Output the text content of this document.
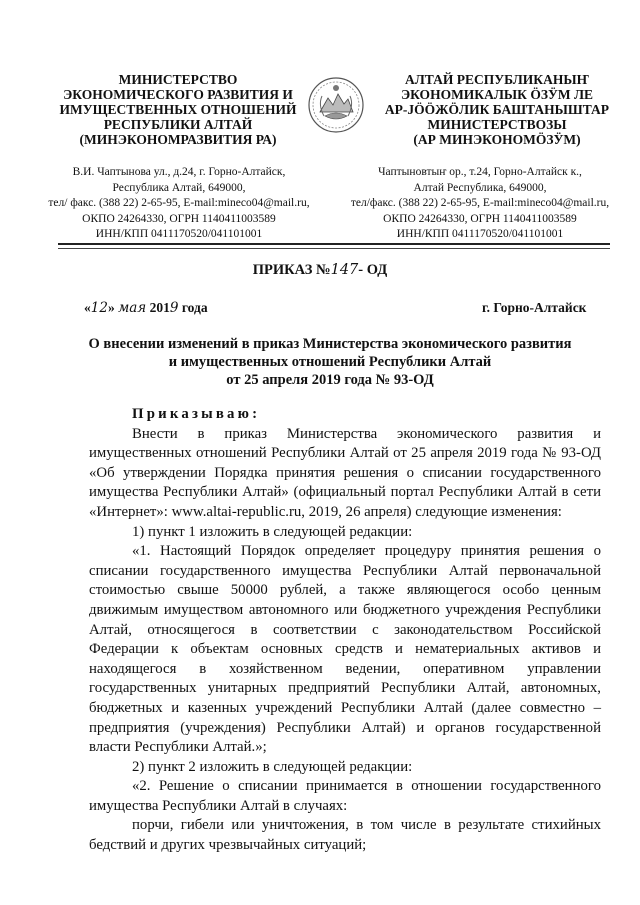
МИНИСТЕРСТВО
ЭКОНОМИЧЕСКОГО РАЗВИТИЯ И
ИМУЩЕСТВЕННЫХ ОТНОШЕНИЙ
РЕСПУБЛИКИ АЛТАЙ
(МИНЭКОНОМРАЗВИТИЯ РА)
АЛТАЙ РЕСПУБЛИКАНЫҤ
ЭКОНОМИКАЛЫК ӦЗӰМ ЛЕ
АР-JӦӦЖӦЛИК БАШТАНЫШТАР
МИНИСТЕРСТВОЗЫ
(АР МИНЭКОНОМӦЗӰМ)
В.И. Чаптынова ул., д.24, г. Горно-Алтайск,
Республика Алтай, 649000,
тел/ факс. (388 22) 2-65-95, E-mail:mineco04@mail.ru,
ОКПО 24264330, ОГРН 1140411003589
ИНН/КПП 0411170520/041101001
Чаптыновтыҥ ор., т.24, Горно-Алтайск к.,
Алтай Республика, 649000,
тел/факс. (388 22) 2-65-95, E-mail:mineco04@mail.ru,
ОКПО 24264330, ОГРН 1140411003589
ИНН/КПП 0411170520/041101001
ПРИКАЗ №147- ОД
«12» мая 2019 года	г. Горно-Алтайск
О внесении изменений в приказ Министерства экономического развития
и имущественных отношений Республики Алтай
от 25 апреля 2019 года № 93-ОД
Приказываю:
Внести в приказ Министерства экономического развития и имущественных отношений Республики Алтай от 25 апреля 2019 года № 93-ОД «Об утверждении Порядка принятия решения о списании государственного имущества Республики Алтай» (официальный портал Республики Алтай в сети «Интернет»: www.altai-republic.ru, 2019, 26 апреля) следующие изменения:
1) пункт 1 изложить в следующей редакции:
«1. Настоящий Порядок определяет процедуру принятия решения о списании государственного имущества Республики Алтай первоначальной стоимостью свыше 50000 рублей, а также являющегося особо ценным движимым имуществом автономного или бюджетного учреждения Республики Алтай, относящегося в соответствии с законодательством Российской Федерации к объектам основных средств и нематериальных активов и находящегося в хозяйственном ведении, оперативном управлении государственных унитарных предприятий Республики Алтай, автономных, бюджетных и казенных учреждений Республики Алтай (далее совместно – предприятия (учреждения) Республики Алтай) и органов государственной власти Республики Алтай.»;
2) пункт 2 изложить в следующей редакции:
«2. Решение о списании принимается в отношении государственного имущества Республики Алтай в случаях:
порчи, гибели или уничтожения, в том числе в результате стихийных бедствий и других чрезвычайных ситуаций;
